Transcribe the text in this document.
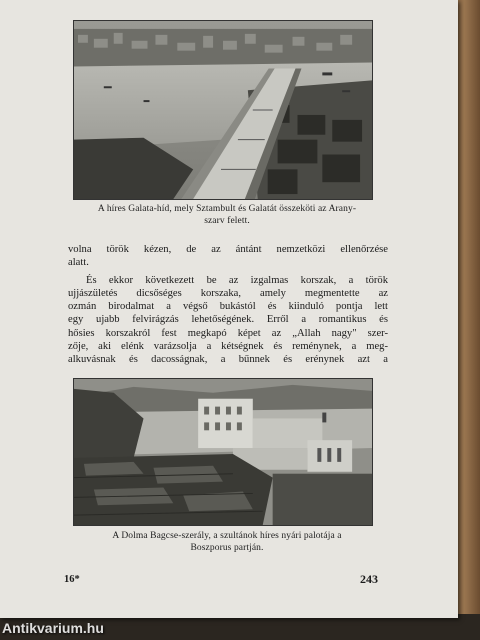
A híres Galata-híd, mely Sztambult és Galatát összeköti az Arany-
szarv felett.
volna török kézen, de az ántánt nemzetközi ellenőrzése
alatt.
És ekkor következett be az izgalmas korszak, a török
ujjászületés dicsőséges korszaka, amely megmentette az
ozmán birodalmat a végső bukástól és kiinduló pontja lett
egy ujabb felvirágzás lehetőségének. Erről a romantikus és
hősies korszakról fest megkapó képet az „Allah nagy" szer-
zője, aki elénk varázsolja a kétségnek és reménynek, a meg-
alkuvásnak és dacosságnak, a bűnnek és erénynek azt a
A Dolma Bagcse-szerály, a szultánok híres nyári palotája a
Boszporus partján.
16*	243
Antikvarium.hu
